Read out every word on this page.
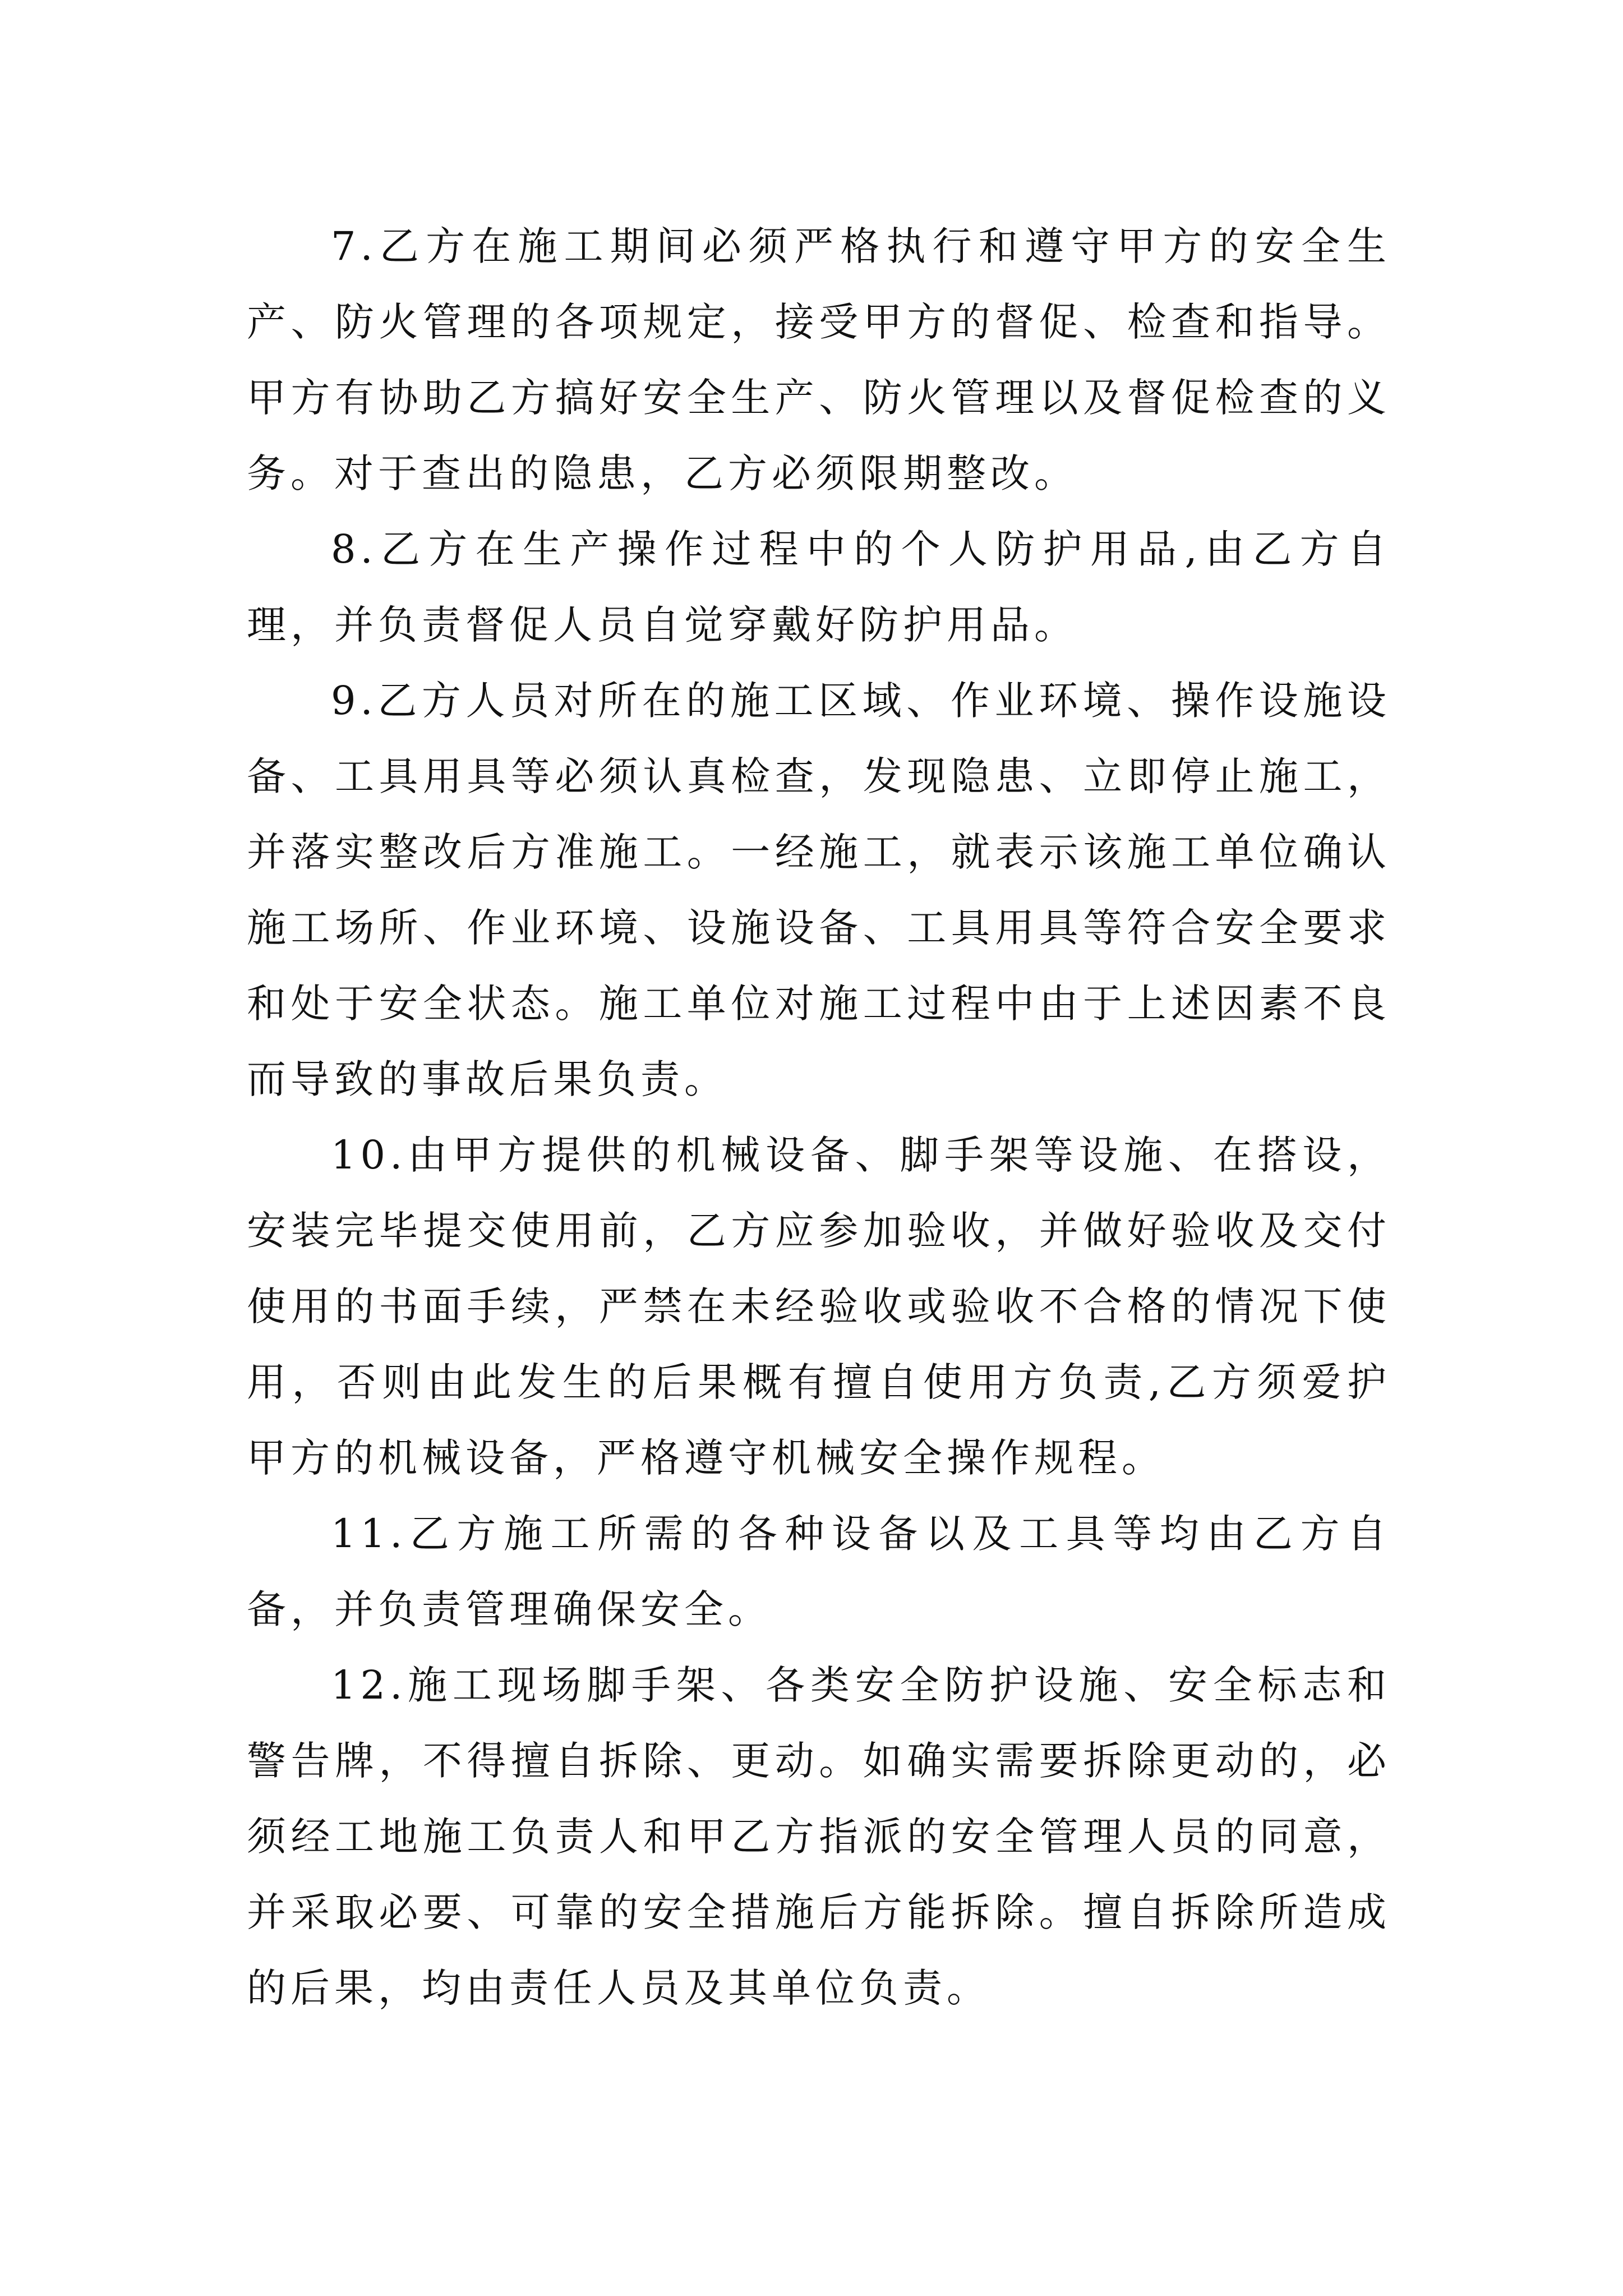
7.乙方在施工期间必须严格执行和遵守甲方的安全生产、防火管理的各项规定，接受甲方的督促、检查和指导。甲方有协助乙方搞好安全生产、防火管理以及督促检查的义务。对于查出的隐患，乙方必须限期整改。

8.乙方在生产操作过程中的个人防护用品,由乙方自理，并负责督促人员自觉穿戴好防护用品。

9.乙方人员对所在的施工区域、作业环境、操作设施设备、工具用具等必须认真检查，发现隐患、立即停止施工，并落实整改后方准施工。一经施工，就表示该施工单位确认施工场所、作业环境、设施设备、工具用具等符合安全要求和处于安全状态。施工单位对施工过程中由于上述因素不良而导致的事故后果负责。

10.由甲方提供的机械设备、脚手架等设施、在搭设，安装完毕提交使用前，乙方应参加验收，并做好验收及交付使用的书面手续，严禁在未经验收或验收不合格的情况下使用，否则由此发生的后果概有擅自使用方负责,乙方须爱护甲方的机械设备，严格遵守机械安全操作规程。

11.乙方施工所需的各种设备以及工具等均由乙方自备，并负责管理确保安全。

12.施工现场脚手架、各类安全防护设施、安全标志和警告牌，不得擅自拆除、更动。如确实需要拆除更动的，必须经工地施工负责人和甲乙方指派的安全管理人员的同意，并采取必要、可靠的安全措施后方能拆除。擅自拆除所造成的后果，均由责任人员及其单位负责。
